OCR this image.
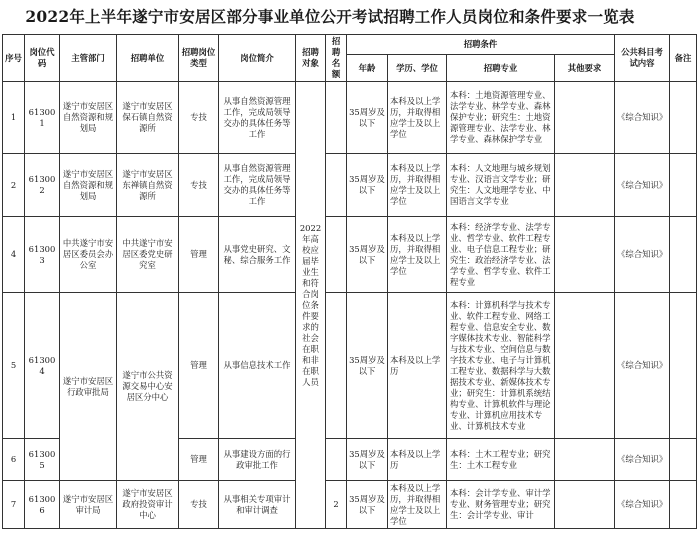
2022年上半年遂宁市安居区部分事业单位公开考试招聘工作人员岗位和条件要求一览表
序号	岗位代码	主管部门	招聘单位	招聘岗位类型	岗位简介	招聘对象	招聘名额	招聘条件				公共科目考试内容	备注
								年龄	学历、学位	招聘专业	其他要求		
1	613001	遂宁市安居区自然资源和规划局	遂宁市安居区保石镇自然资源所	专技	从事自然资源管理工作，完成局领导交办的具体任务等工作	2022年高校应届毕业生和符合岗位条件要求的社会在职和非在职人员		35周岁及以下	本科及以上学历，并取得相应学士及以上学位	本科：土地资源管理专业、法学专业、林学专业、森林保护专业；研究生：土地资源管理专业、法学专业、林学专业、森林保护学专业		《综合知识》	
2	613002	遂宁市安居区自然资源和规划局	遂宁市安居区东禅镇自然资源所	专技	从事自然资源管理工作，完成局领导交办的具体任务等工作			35周岁及以下	本科及以上学历，并取得相应学士及以上学位	本科：人文地理与城乡规划专业、汉语言文学专业；研究生：人文地理学专业、中国语言文学专业		《综合知识》	
4	613003	中共遂宁市安居区委员会办公室	中共遂宁市安居区委党史研究室	管理	从事党史研究、文秘、综合服务工作			35周岁及以下	本科及以上学历，并取得相应学士及以上学位	本科：经济学专业、法学专业、哲学专业、软件工程专业、电子信息工程专业；研究生：政治经济学专业、法学专业、哲学专业、软件工程专业		《综合知识》	
5	613004	遂宁市安居区行政审批局	遂宁市公共资源交易中心安居区分中心	管理	从事信息技术工作			35周岁及以下	本科及以上学历	本科：计算机科学与技术专业、软件工程专业、网络工程专业、信息安全专业、数字媒体技术专业、智能科学与技术专业、空间信息与数字技术专业、电子与计算机工程专业、数据科学与大数据技术专业、新媒体技术专业；研究生：计算机系统结构专业、计算机软件与理论专业、计算机应用技术专业、计算机技术专业		《综合知识》	
6	613005			管理	从事建设方面的行政审批工作			35周岁及以下	本科及以上学历	本科：土木工程专业；研究生：土木工程专业		《综合知识》	
7	613006	遂宁市安居区审计局	遂宁市安居区政府投资审计中心	专技	从事相关专项审计和审计调查		2	35周岁及以下	本科及以上学历，并取得相应学士及以上学位	本科：会计学专业、审计学专业、财务管理专业；研究生：会计学专业、审计		《综合知识》	
